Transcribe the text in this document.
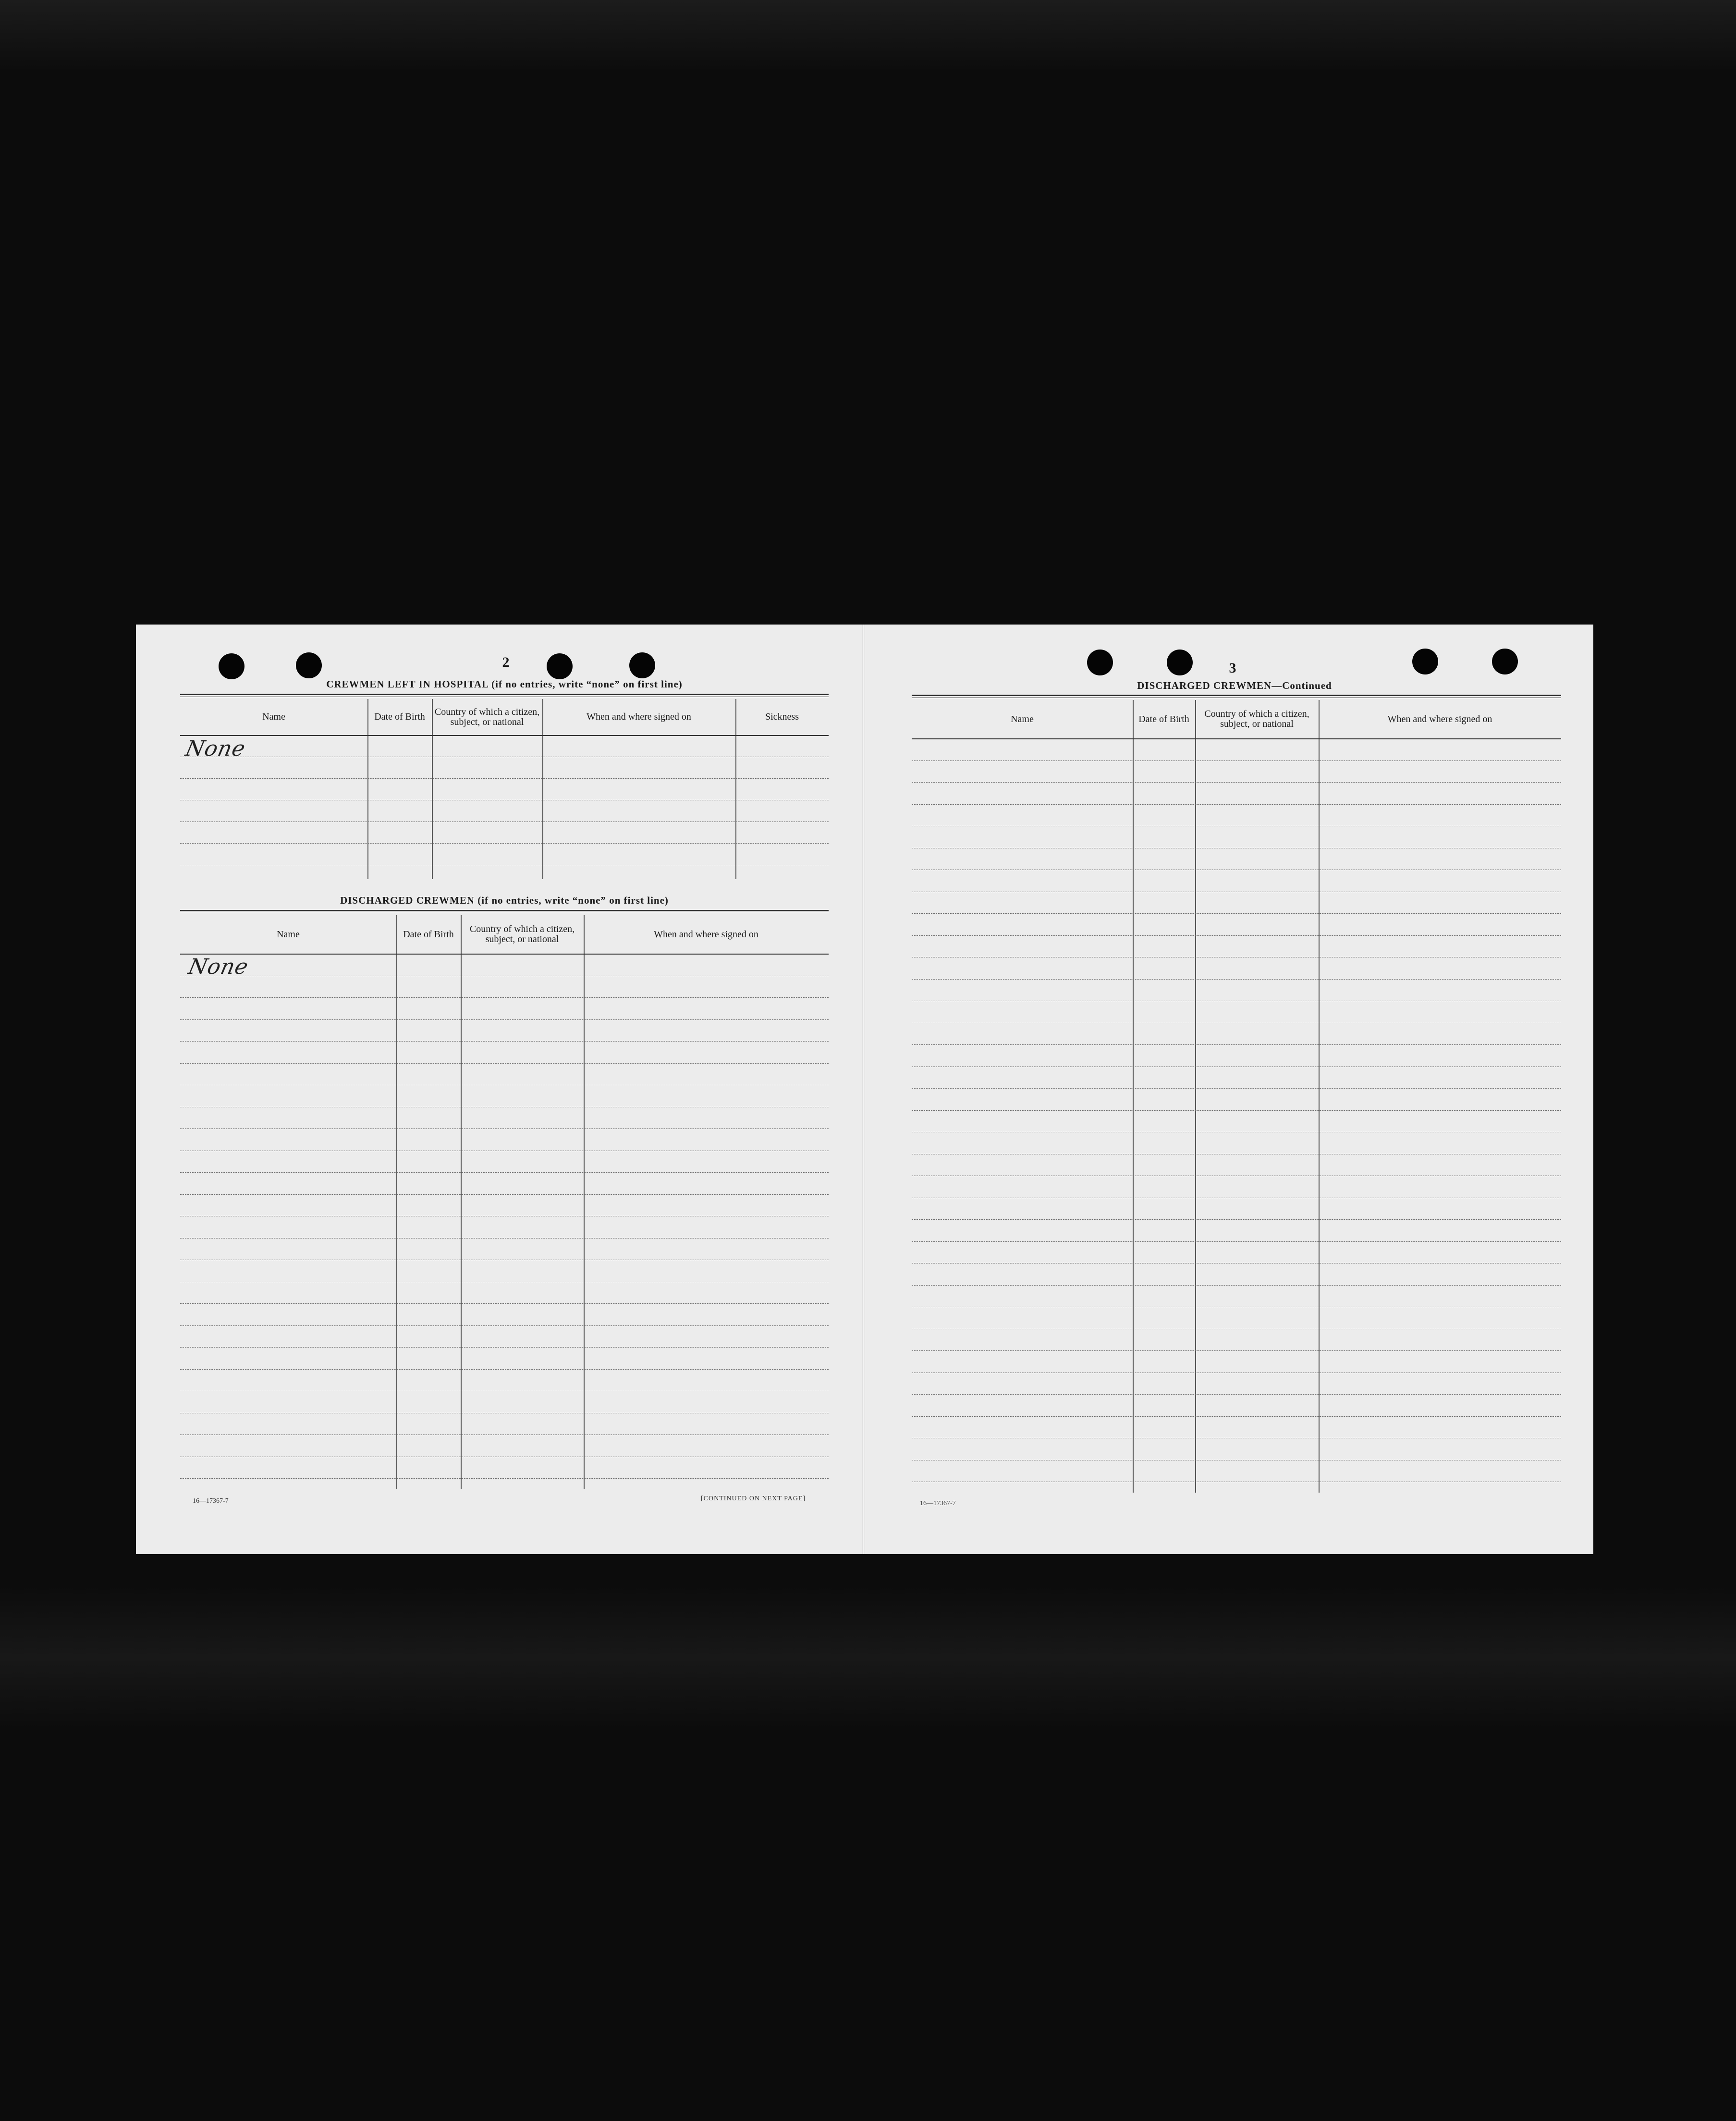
2
CREWMEN LEFT IN HOSPITAL (if no entries, write “none” on first line)
Name	Date of Birth	Country of which a citizen, subject, or national	When and where signed on	Sickness
None
DISCHARGED CREWMEN (if no entries, write “none” on first line)
Name	Date of Birth	Country of which a citizen, subject, or national	When and where signed on
None
16—17367-7	[CONTINUED ON NEXT PAGE]
3
DISCHARGED CREWMEN—Continued
Name	Date of Birth	Country of which a citizen, subject, or national	When and where signed on
16—17367-7
